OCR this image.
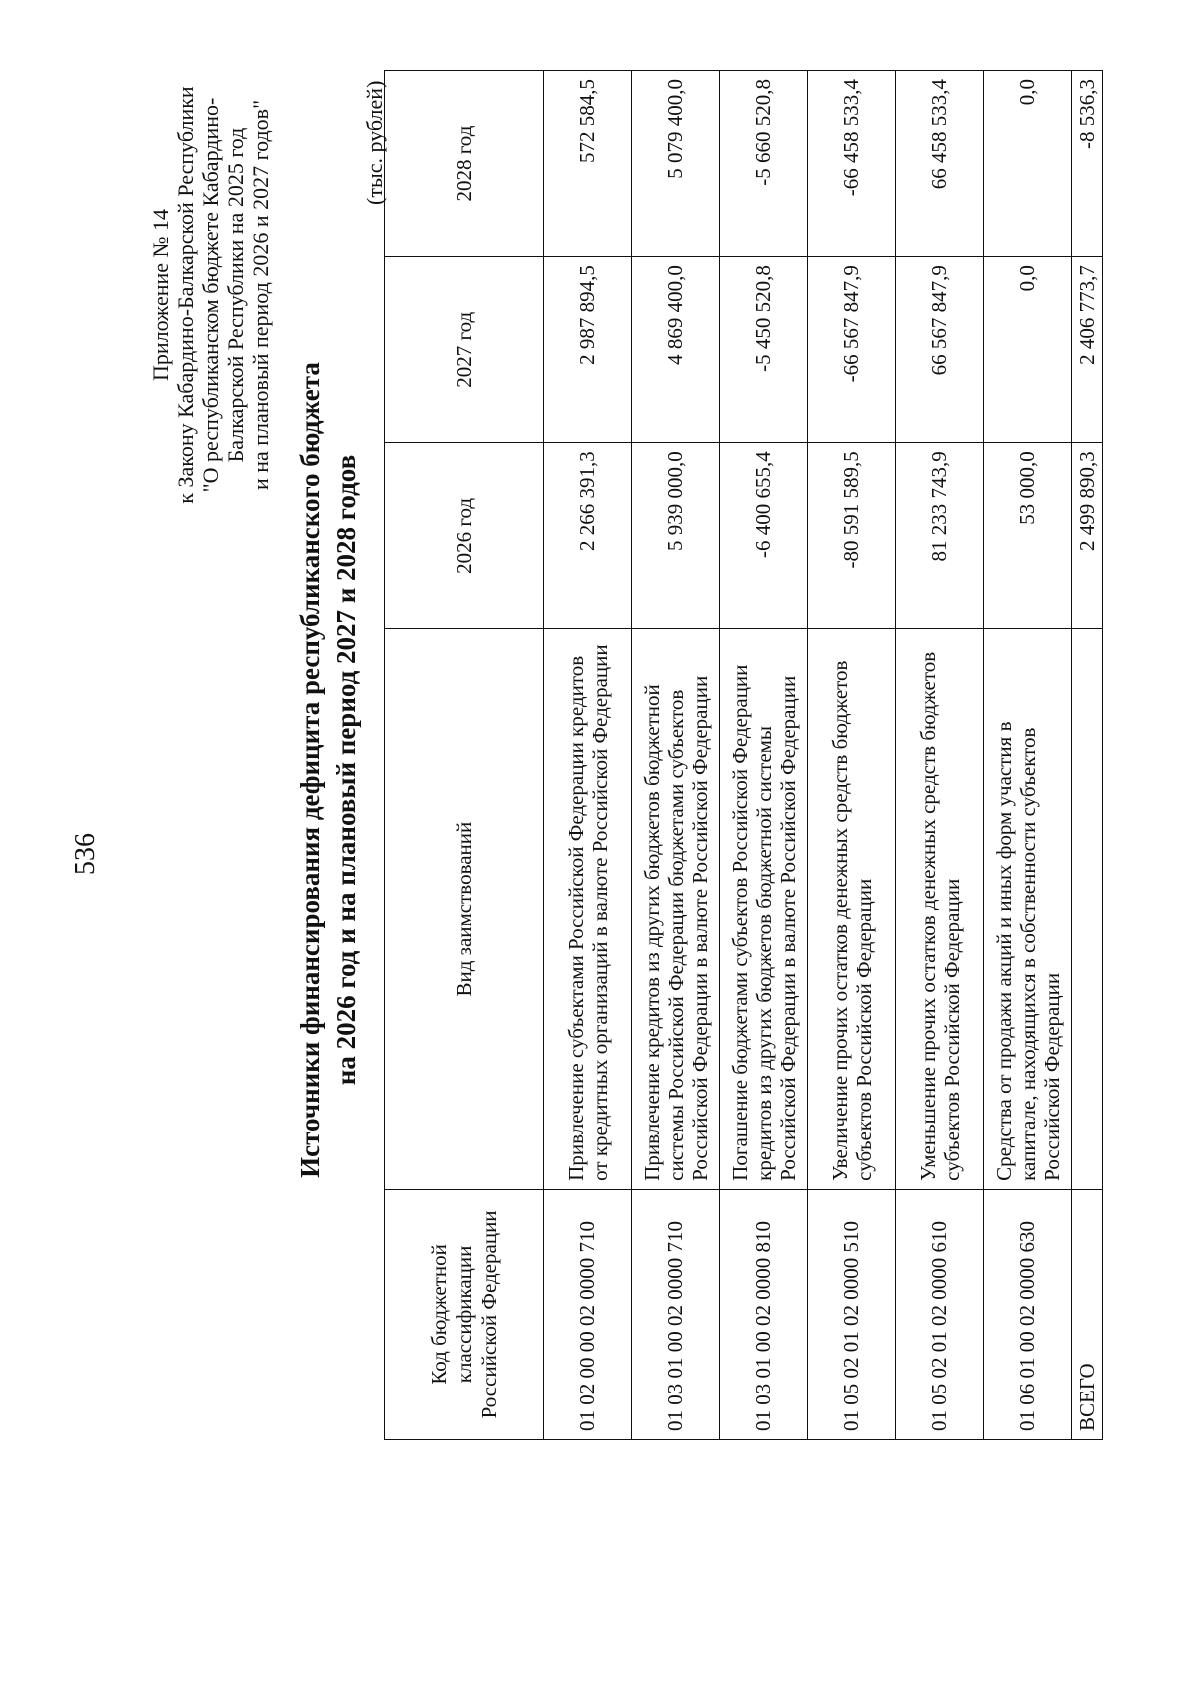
536
Приложение № 14 к Закону Кабардино-Балкарской Республики "О республиканском бюджете Кабардино- Балкарской Республики на 2025 год и на плановый период 2026 и 2027 годов"
Источники финансирования дефицита республиканского бюджета на 2026 год и на плановый период 2027 и 2028 годов
(тыс. рублей)
Код бюджетной классификации Российской Федерации	Вид заимствований	2026 год	2027 год	2028 год
01 02 00 00 02 0000 710	Привлечение субъектами Российской Федерации кредитов от кредитных организаций в валюте Российской Федерации	2 266 391,3	2 987 894,5	572 584,5
01 03 01 00 02 0000 710	Привлечение кредитов из других бюджетов бюджетной системы Российской Федерации бюджетами субъектов Российской Федерации в валюте Российской Федерации	5 939 000,0	4 869 400,0	5 079 400,0
01 03 01 00 02 0000 810	Погашение бюджетами субъектов Российской Федерации кредитов из других бюджетов бюджетной системы Российской Федерации в валюте Российской Федерации	-6 400 655,4	-5 450 520,8	-5 660 520,8
01 05 02 01 02 0000 510	Увеличение прочих остатков денежных средств бюджетов субъектов Российской Федерации	-80 591 589,5	-66 567 847,9	-66 458 533,4
01 05 02 01 02 0000 610	Уменьшение прочих остатков денежных средств бюджетов субъектов Российской Федерации	81 233 743,9	66 567 847,9	66 458 533,4
01 06 01 00 02 0000 630	Средства от продажи акций и иных форм участия в капитале, находящихся в собственности субъектов Российской Федерации	53 000,0	0,0	0,0
ВСЕГО		2 499 890,3	2 406 773,7	-8 536,3
